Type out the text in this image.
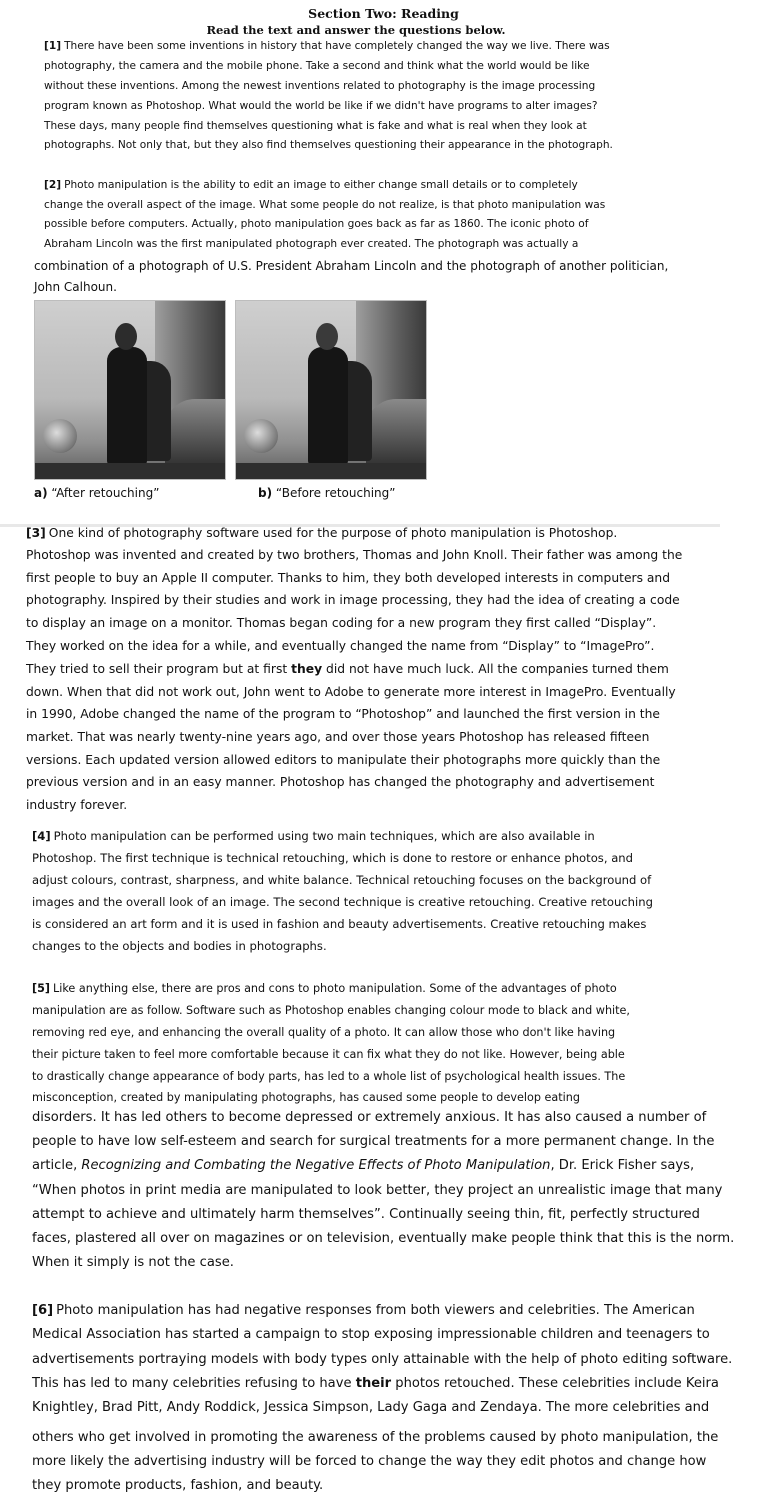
Section Two: Reading
Read the text and answer the questions below.
[1] There have been some inventions in history that have completely changed the way we live. There was
photography, the camera and the mobile phone. Take a second and think what the world would be like
without these inventions. Among the newest inventions related to photography is the image processing
program known as Photoshop. What would the world be like if we didn't have programs to alter images?
These days, many people find themselves questioning what is fake and what is real when they look at
photographs. Not only that, but they also find themselves questioning their appearance in the photograph.
[2] Photo manipulation is the ability to edit an image to either change small details or to completely
change the overall aspect of the image. What some people do not realize, is that photo manipulation was
possible before computers. Actually, photo manipulation goes back as far as 1860. The iconic photo of
Abraham Lincoln was the first manipulated photograph ever created. The photograph was actually a
combination of a photograph of U.S. President Abraham Lincoln and the photograph of another politician,
John Calhoun.
a) “After retouching”	b) “Before retouching”
[3] One kind of photography software used for the purpose of photo manipulation is Photoshop.
Photoshop was invented and created by two brothers, Thomas and John Knoll. Their father was among the
first people to buy an Apple II computer. Thanks to him, they both developed interests in computers and
photography. Inspired by their studies and work in image processing, they had the idea of creating a code
to display an image on a monitor. Thomas began coding for a new program they first called “Display”.
They worked on the idea for a while, and eventually changed the name from “Display” to “ImagePro”.
They tried to sell their program but at first they did not have much luck. All the companies turned them
down. When that did not work out, John went to Adobe to generate more interest in ImagePro. Eventually
in 1990, Adobe changed the name of the program to “Photoshop” and launched the first version in the
market. That was nearly twenty-nine years ago, and over those years Photoshop has released fifteen
versions. Each updated version allowed editors to manipulate their photographs more quickly than the
previous version and in an easy manner. Photoshop has changed the photography and advertisement
industry forever.
[4] Photo manipulation can be performed using two main techniques, which are also available in
Photoshop. The first technique is technical retouching, which is done to restore or enhance photos, and
adjust colours, contrast, sharpness, and white balance. Technical retouching focuses on the background of
images and the overall look of an image. The second technique is creative retouching. Creative retouching
is considered an art form and it is used in fashion and beauty advertisements. Creative retouching makes
changes to the objects and bodies in photographs.
[5] Like anything else, there are pros and cons to photo manipulation. Some of the advantages of photo
manipulation are as follow. Software such as Photoshop enables changing colour mode to black and white,
removing red eye, and enhancing the overall quality of a photo. It can allow those who don't like having
their picture taken to feel more comfortable because it can fix what they do not like. However, being able
to drastically change appearance of body parts, has led to a whole list of psychological health issues. The
misconception, created by manipulating photographs, has caused some people to develop eating
disorders. It has led others to become depressed or extremely anxious. It has also caused a number of
people to have low self-esteem and search for surgical treatments for a more permanent change. In the
article, Recognizing and Combating the Negative Effects of Photo Manipulation, Dr. Erick Fisher says,
“When photos in print media are manipulated to look better, they project an unrealistic image that many
attempt to achieve and ultimately harm themselves”. Continually seeing thin, fit, perfectly structured
faces, plastered all over on magazines or on television, eventually make people think that this is the norm.
When it simply is not the case.
[6] Photo manipulation has had negative responses from both viewers and celebrities. The American
Medical Association has started a campaign to stop exposing impressionable children and teenagers to
advertisements portraying models with body types only attainable with the help of photo editing software.
This has led to many celebrities refusing to have their photos retouched. These celebrities include Keira
Knightley, Brad Pitt, Andy Roddick, Jessica Simpson, Lady Gaga and Zendaya. The more celebrities and
others who get involved in promoting the awareness of the problems caused by photo manipulation, the
more likely the advertising industry will be forced to change the way they edit photos and change how
they promote products, fashion, and beauty.
